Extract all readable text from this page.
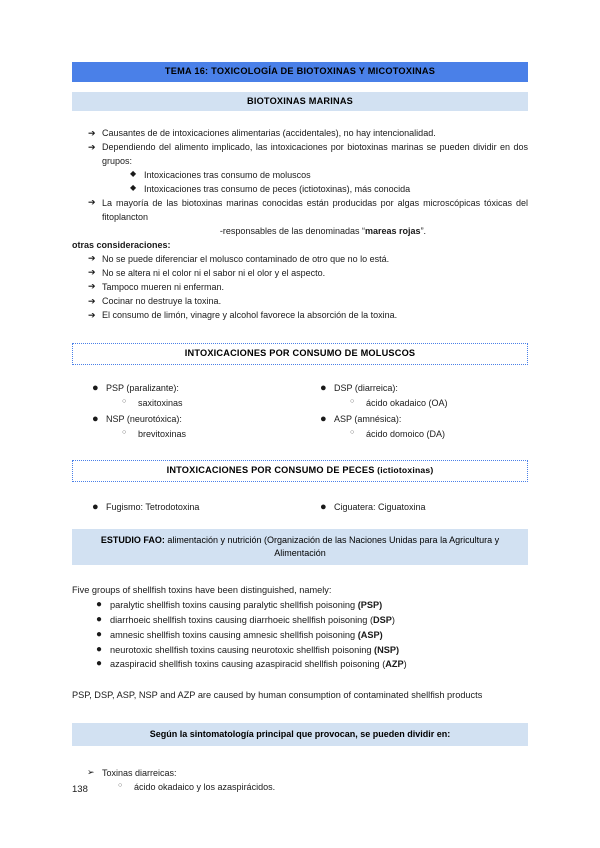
TEMA 16: TOXICOLOGÍA DE BIOTOXINAS Y MICOTOXINAS
BIOTOXINAS MARINAS
➔ Causantes de de intoxicaciones alimentarias (accidentales), no hay intencionalidad.
➔ Dependiendo del alimento implicado, las intoxicaciones por biotoxinas marinas se pueden dividir en dos grupos:
◆ Intoxicaciones tras consumo de moluscos
◆ Intoxicaciones tras consumo de peces (ictiotoxinas), más conocida
➔ La mayoría de las biotoxinas marinas conocidas están producidas por algas microscópicas tóxicas del fitoplancton
-responsables de las denominadas “mareas rojas”.
otras consideraciones:
➔ No se puede diferenciar el molusco contaminado de otro que no lo está.
➔ No se altera ni el color ni el sabor ni el olor y el aspecto.
➔ Tampoco mueren ni enferman.
➔ Cocinar no destruye la toxina.
➔ El consumo de limón, vinagre y alcohol favorece la absorción de la toxina.
INTOXICACIONES POR CONSUMO DE MOLUSCOS
● PSP (paralizante):
○ saxitoxinas
● NSP (neurotóxica):
○ brevitoxinas
● DSP (diarreica):
○ ácido okadaico (OA)
● ASP (amnésica):
○ ácido domoico (DA)
INTOXICACIONES POR CONSUMO DE PECES (ictiotoxinas)
● Fugismo: Tetrodotoxina	● Ciguatera: Ciguatoxina
ESTUDIO FAO: alimentación y nutrición (Organización de las Naciones Unidas para la Agricultura y Alimentación
Five groups of shellfish toxins have been distinguished, namely:
● paralytic shellfish toxins causing paralytic shellfish poisoning (PSP)
● diarrhoeic shellfish toxins causing diarrhoeic shellfish poisoning (DSP)
● amnesic shellfish toxins causing amnesic shellfish poisoning (ASP)
● neurotoxic shellfish toxins causing neurotoxic shellfish poisoning (NSP)
● azaspiracid shellfish toxins causing azaspiracid shellfish poisoning (AZP)
PSP, DSP, ASP, NSP and AZP are caused by human consumption of contaminated shellfish products
Según la sintomatología principal que provocan, se pueden dividir en:
➢ Toxinas diarreicas:
○ ácido okadaico y los azaspirácidos.
138
